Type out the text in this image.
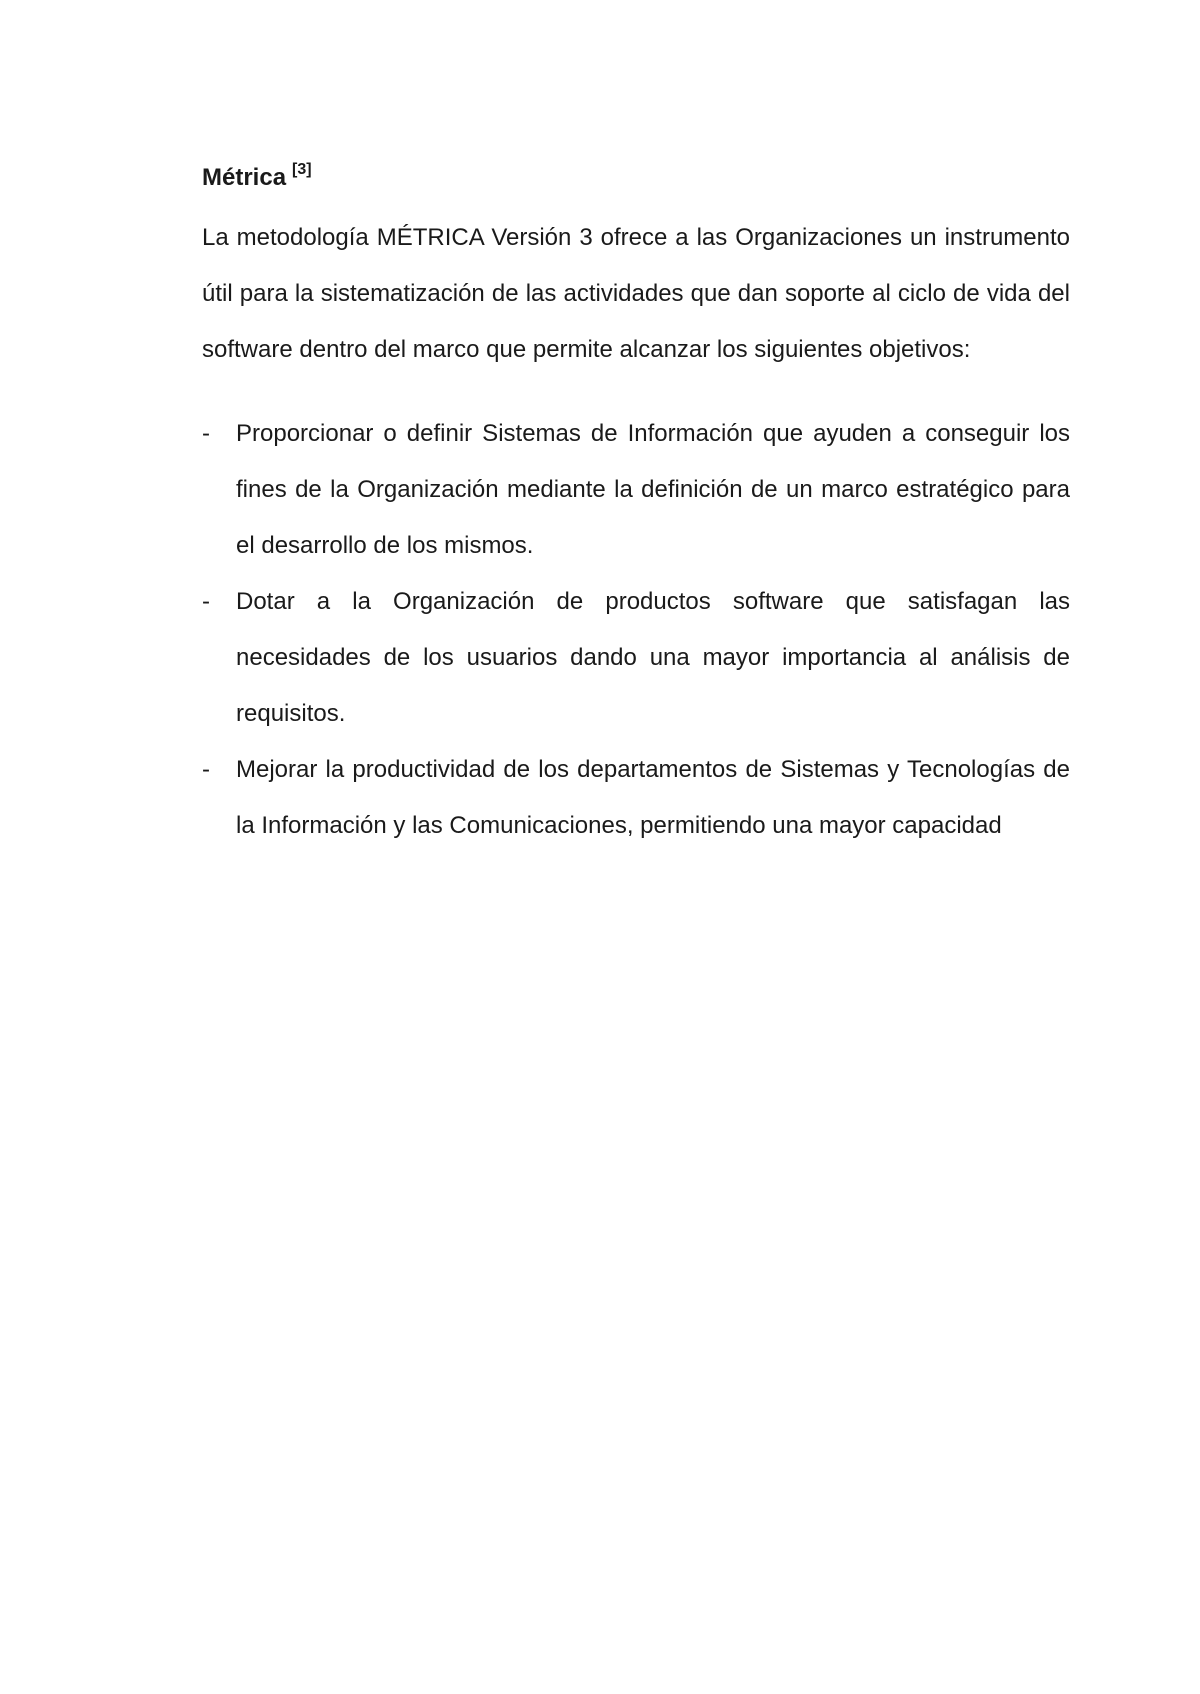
Métrica [3]

La metodología MÉTRICA Versión 3 ofrece a las Organizaciones un instrumento útil para la sistematización de las actividades que dan soporte al ciclo de vida del software dentro del marco que permite alcanzar los siguientes objetivos:

- Proporcionar o definir Sistemas de Información que ayuden a conseguir los fines de la Organización mediante la definición de un marco estratégico para el desarrollo de los mismos.
- Dotar a la Organización de productos software que satisfagan las necesidades de los usuarios dando una mayor importancia al análisis de requisitos.
- Mejorar la productividad de los departamentos de Sistemas y Tecnologías de la Información y las Comunicaciones, permitiendo una mayor capacidad
